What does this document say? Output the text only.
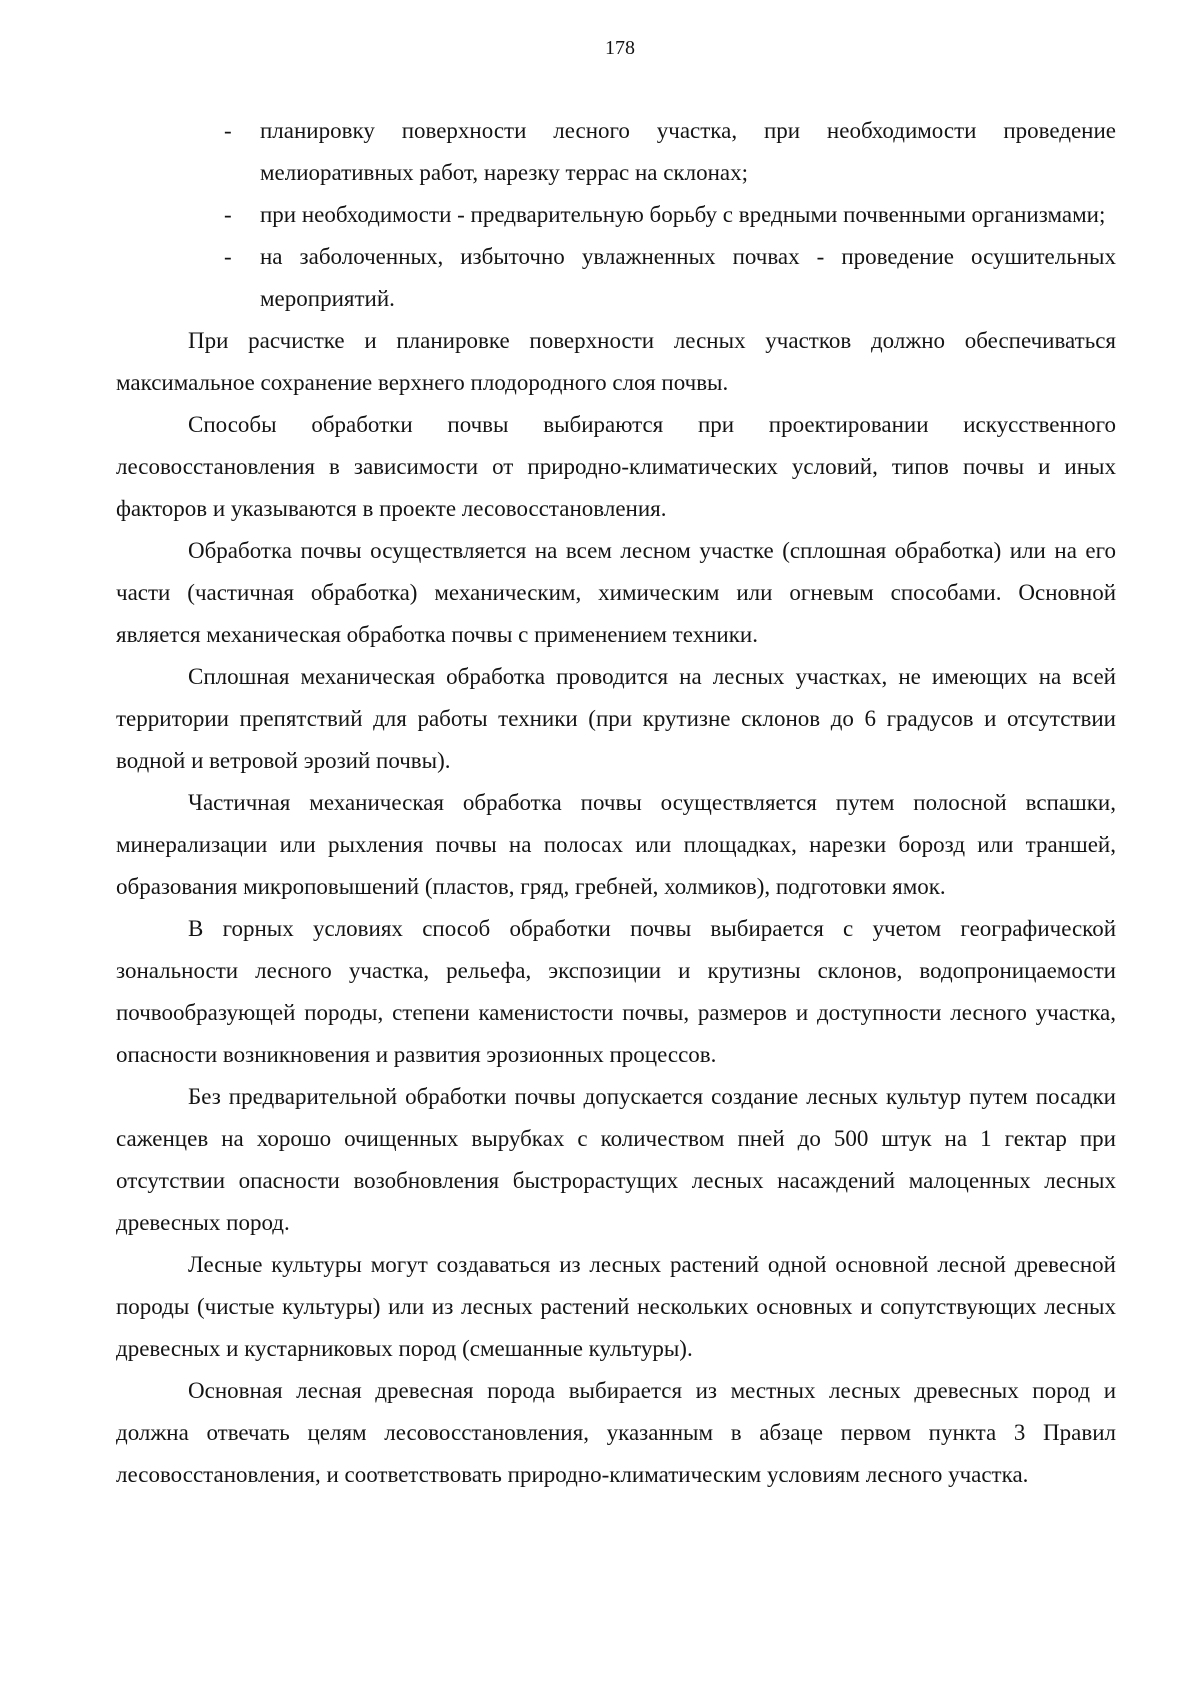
178
- планировку поверхности лесного участка, при необходимости проведение мелиоративных работ, нарезку террас на склонах;
- при необходимости - предварительную борьбу с вредными почвенными организмами;
- на заболоченных, избыточно увлажненных почвах - проведение осушительных мероприятий.

При расчистке и планировке поверхности лесных участков должно обеспечиваться максимальное сохранение верхнего плодородного слоя почвы.

Способы обработки почвы выбираются при проектировании искусственного лесовосстановления в зависимости от природно-климатических условий, типов почвы и иных факторов и указываются в проекте лесовосстановления.

Обработка почвы осуществляется на всем лесном участке (сплошная обработка) или на его части (частичная обработка) механическим, химическим или огневым способами. Основной является механическая обработка почвы с применением техники.

Сплошная механическая обработка проводится на лесных участках, не имеющих на всей территории препятствий для работы техники (при крутизне склонов до 6 градусов и отсутствии водной и ветровой эрозий почвы).

Частичная механическая обработка почвы осуществляется путем полосной вспашки, минерализации или рыхления почвы на полосах или площадках, нарезки борозд или траншей, образования микроповышений (пластов, гряд, гребней, холмиков), подготовки ямок.

В горных условиях способ обработки почвы выбирается с учетом географической зональности лесного участка, рельефа, экспозиции и крутизны склонов, водопроницаемости почвообразующей породы, степени каменистости почвы, размеров и доступности лесного участка, опасности возникновения и развития эрозионных процессов.

Без предварительной обработки почвы допускается создание лесных культур путем посадки саженцев на хорошо очищенных вырубках с количеством пней до 500 штук на 1 гектар при отсутствии опасности возобновления быстрорастущих лесных насаждений малоценных лесных древесных пород.

Лесные культуры могут создаваться из лесных растений одной основной лесной древесной породы (чистые культуры) или из лесных растений нескольких основных и сопутствующих лесных древесных и кустарниковых пород (смешанные культуры).

Основная лесная древесная порода выбирается из местных лесных древесных пород и должна отвечать целям лесовосстановления, указанным в абзаце первом пункта 3 Правил лесовосстановления, и соответствовать природно-климатическим условиям лесного участка.
